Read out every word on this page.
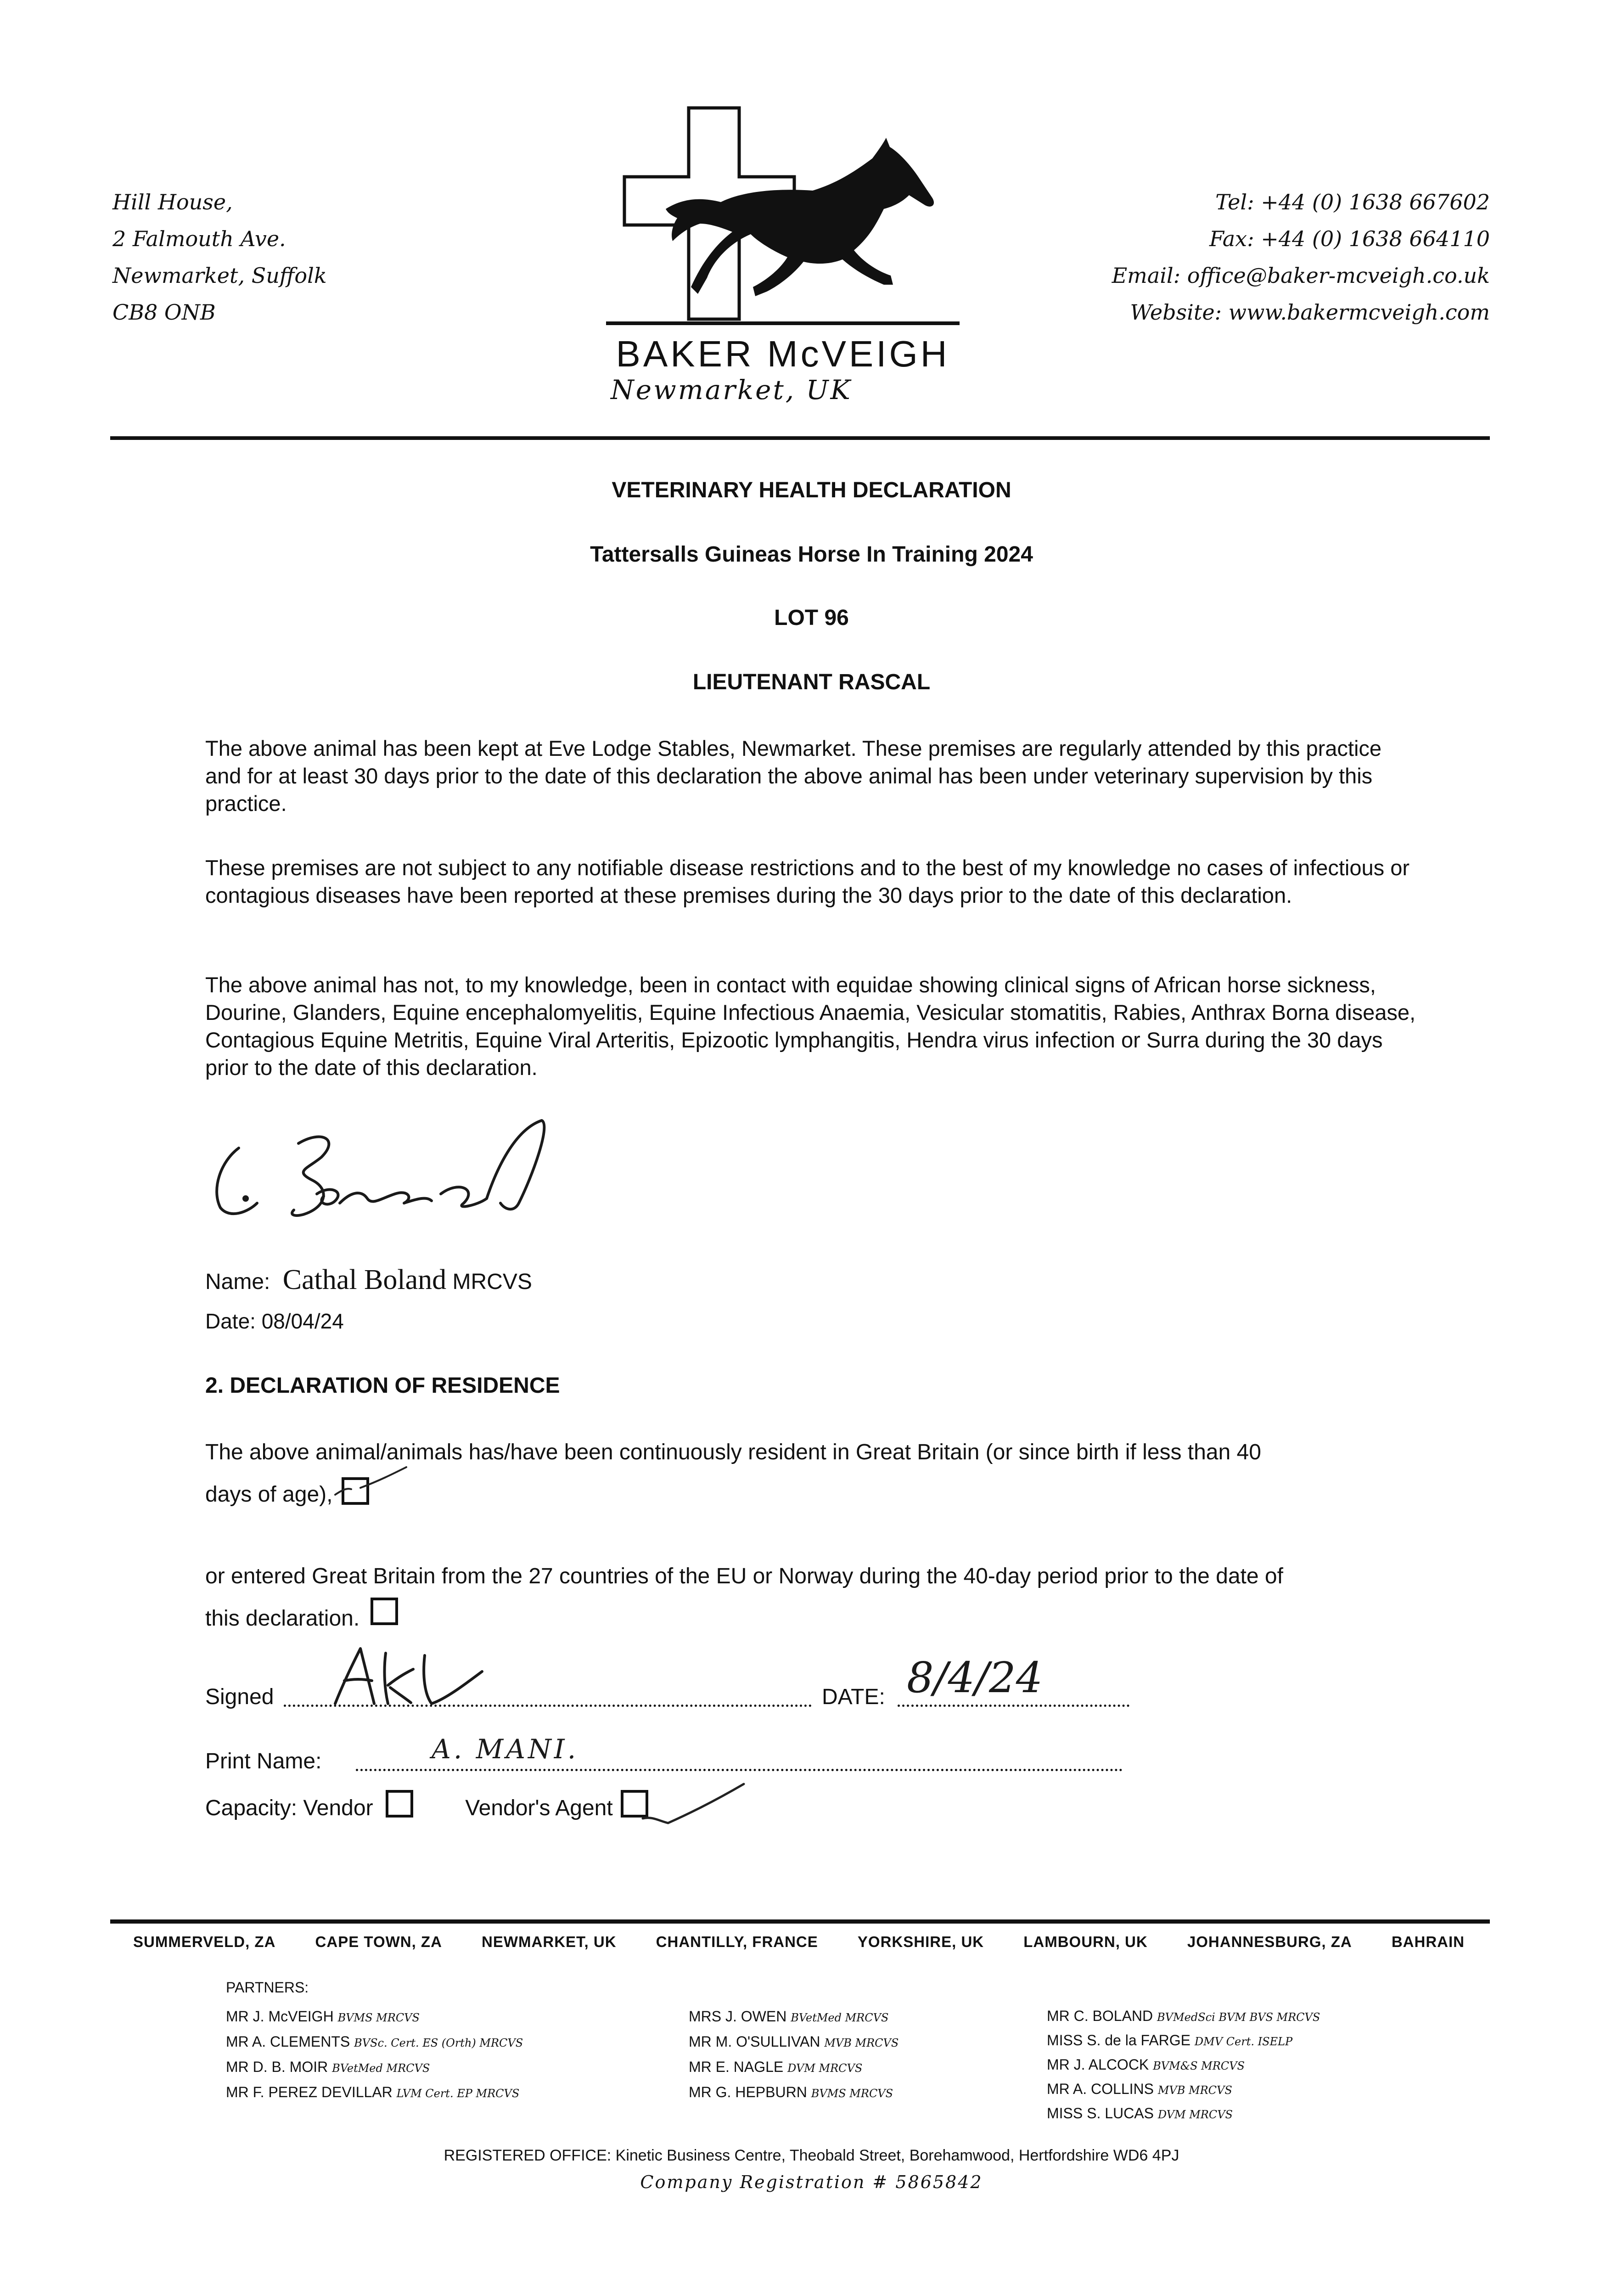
Hill House,
2 Falmouth Ave.
Newmarket, Suffolk
CB8 ONB
Tel: +44 (0) 1638 667602
Fax: +44 (0) 1638 664110
Email: office@baker-mcveigh.co.uk
Website: www.bakermcveigh.com
BAKER McVEIGH
Newmarket, UK
VETERINARY HEALTH DECLARATION
Tattersalls Guineas Horse In Training 2024
LOT 96
LIEUTENANT RASCAL
The above animal has been kept at Eve Lodge Stables, Newmarket. These premises are regularly attended by this practice and for at least 30 days prior to the date of this declaration the above animal has been under veterinary supervision by this practice.
These premises are not subject to any notifiable disease restrictions and to the best of my knowledge no cases of infectious or contagious diseases have been reported at these premises during the 30 days prior to the date of this declaration.
The above animal has not, to my knowledge, been in contact with equidae showing clinical signs of African horse sickness, Dourine, Glanders, Equine encephalomyelitis, Equine Infectious Anaemia, Vesicular stomatitis, Rabies, Anthrax Borna disease, Contagious Equine Metritis, Equine Viral Arteritis, Epizootic lymphangitis, Hendra virus infection or Surra during the 30 days prior to the date of this declaration.
Name: Cathal Boland MRCVS
Date: 08/04/24
2. DECLARATION OF RESIDENCE
The above animal/animals has/have been continuously resident in Great Britain (or since birth if less than 40
days of age),
or entered Great Britain from the 27 countries of the EU or Norway during the 40-day period prior to the date of
this declaration.
Signed	DATE: 8/4/24
Print Name:	A. MANI.
Capacity: Vendor	Vendor's Agent
SUMMERVELD, ZA	CAPE TOWN, ZA	NEWMARKET, UK	CHANTILLY, FRANCE	YORKSHIRE, UK	LAMBOURN, UK	JOHANNESBURG, ZA	BAHRAIN
PARTNERS:
MR J. McVEIGH BVMS MRCVS
MR A. CLEMENTS BVSc. Cert. ES (Orth) MRCVS
MR D. B. MOIR BVetMed MRCVS
MR F. PEREZ DEVILLAR LVM Cert. EP MRCVS
MRS J. OWEN BVetMed MRCVS
MR M. O'SULLIVAN MVB MRCVS
MR E. NAGLE DVM MRCVS
MR G. HEPBURN BVMS MRCVS
MR C. BOLAND BVMedSci BVM BVS MRCVS
MISS S. de la FARGE DMV Cert. ISELP
MR J. ALCOCK BVM&S MRCVS
MR A. COLLINS MVB MRCVS
MISS S. LUCAS DVM MRCVS
REGISTERED OFFICE: Kinetic Business Centre, Theobald Street, Borehamwood, Hertfordshire WD6 4PJ
Company Registration # 5865842
